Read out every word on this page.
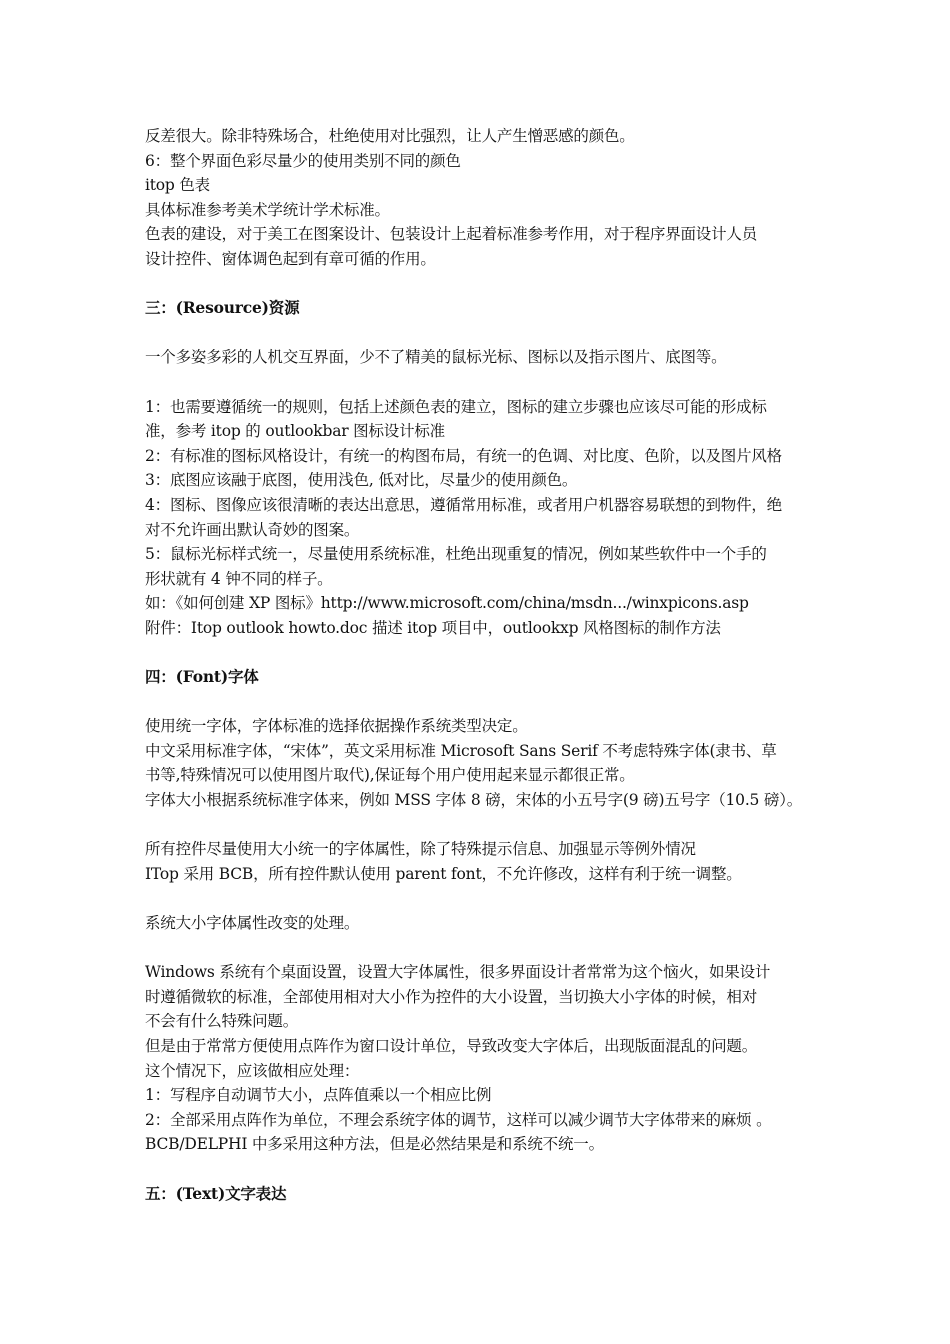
反差很大。除非特殊场合，杜绝使用对比强烈，让人产生憎恶感的颜色。
6：整个界面色彩尽量少的使用类别不同的颜色
itop 色表
具体标准参考美术学统计学术标准。
色表的建设，对于美工在图案设计、包装设计上起着标准参考作用，对于程序界面设计人员
设计控件、窗体调色起到有章可循的作用。
三：(Resource)资源
一个多姿多彩的人机交互界面，少不了精美的鼠标光标、图标以及指示图片、底图等。
1：也需要遵循统一的规则，包括上述颜色表的建立，图标的建立步骤也应该尽可能的形成标
准，参考 itop 的 outlookbar 图标设计标准
2：有标准的图标风格设计，有统一的构图布局，有统一的色调、对比度、色阶，以及图片风格
3：底图应该融于底图，使用浅色, 低对比，尽量少的使用颜色。
4：图标、图像应该很清晰的表达出意思，遵循常用标准，或者用户机器容易联想的到物件，绝
对不允许画出默认奇妙的图案。
5：鼠标光标样式统一，尽量使用系统标准，杜绝出现重复的情况，例如某些软件中一个手的
形状就有 4 钟不同的样子。
如：《如何创建 XP 图标》http://www.microsoft.com/china/msdn.../winxpicons.asp
附件：Itop outlook howto.doc 描述 itop 项目中，outlookxp 风格图标的制作方法
四：(Font)字体
使用统一字体，字体标准的选择依据操作系统类型决定。
中文采用标准字体，“宋体”，英文采用标准 Microsoft Sans Serif 不考虑特殊字体(隶书、草
书等,特殊情况可以使用图片取代),保证每个用户使用起来显示都很正常。
字体大小根据系统标准字体来，例如 MSS 字体 8 磅，宋体的小五号字(9 磅)五号字（10.5 磅）。
所有控件尽量使用大小统一的字体属性，除了特殊提示信息、加强显示等例外情况
ITop 采用 BCB，所有控件默认使用 parent font，不允许修改，这样有利于统一调整。
系统大小字体属性改变的处理。
Windows 系统有个桌面设置，设置大字体属性，很多界面设计者常常为这个恼火，如果设计
时遵循微软的标准，全部使用相对大小作为控件的大小设置，当切换大小字体的时候，相对
不会有什么特殊问题。
但是由于常常方便使用点阵作为窗口设计单位，导致改变大字体后，出现版面混乱的问题。
这个情况下，应该做相应处理：
1：写程序自动调节大小，点阵值乘以一个相应比例
2：全部采用点阵作为单位，不理会系统字体的调节，这样可以减少调节大字体带来的麻烦 。
BCB/DELPHI 中多采用这种方法，但是必然结果是和系统不统一。
五：(Text)文字表达
